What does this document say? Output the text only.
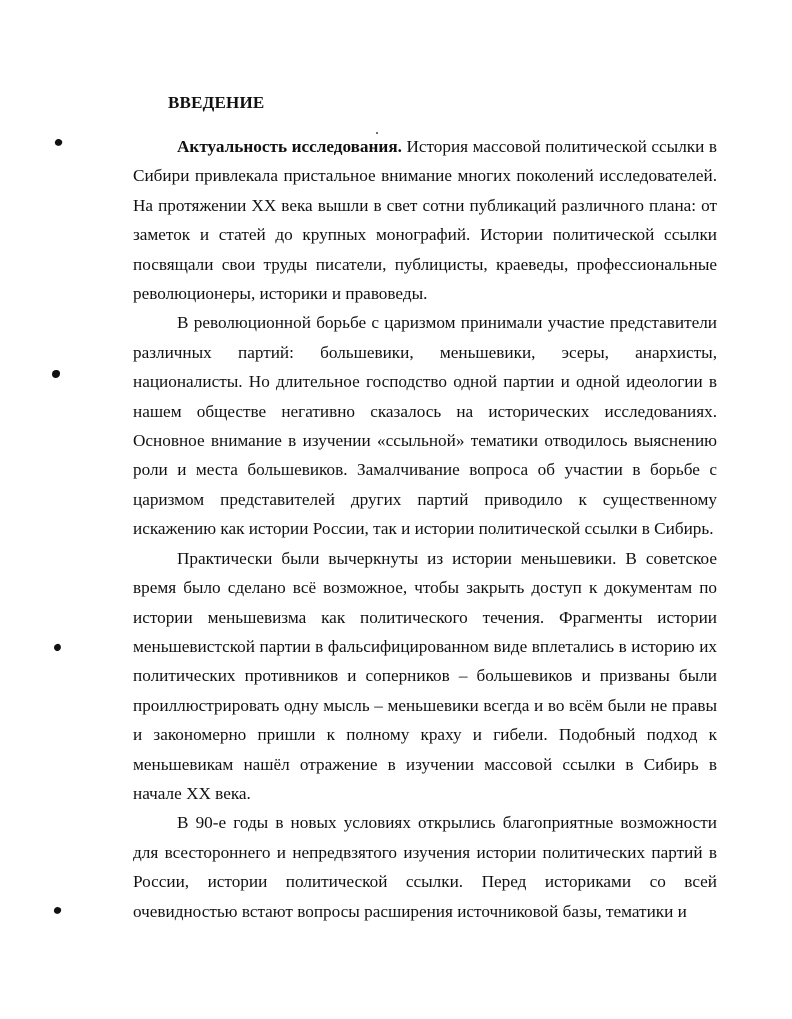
ВВЕДЕНИЕ

Актуальность исследования. История массовой политической ссылки в Сибири привлекала пристальное внимание многих поколений исследователей. На протяжении XX века вышли в свет сотни публикаций различного плана: от заметок и статей до крупных монографий. Истории политической ссылки посвящали свои труды писатели, публицисты, краеведы, профессиональные революционеры, историки и правоведы.

В революционной борьбе с царизмом принимали участие представители различных партий: большевики, меньшевики, эсеры, анархисты, националисты. Но длительное господство одной партии и одной идеологии в нашем обществе негативно сказалось на исторических исследованиях. Основное внимание в изучении «ссыльной» тематики отводилось выяснению роли и места большевиков. Замалчивание вопроса об участии в борьбе с царизмом представителей других партий приводило к существенному искажению как истории России, так и истории политической ссылки в Сибирь.

Практически были вычеркнуты из истории меньшевики. В советское время было сделано всё возможное, чтобы закрыть доступ к документам по истории меньшевизма как политического течения. Фрагменты истории меньшевистской партии в фальсифицированном виде вплетались в историю их политических противников и соперников – большевиков и призваны были проиллюстрировать одну мысль – меньшевики всегда и во всём были не правы и закономерно пришли к полному краху и гибели. Подобный подход к меньшевикам нашёл отражение в изучении массовой ссылки в Сибирь в начале XX века.

В 90-е годы в новых условиях открылись благоприятные возможности для всестороннего и непредвзятого изучения истории политических партий в России, истории политической ссылки. Перед историками со всей очевидностью встают вопросы расширения источниковой базы, тематики и
